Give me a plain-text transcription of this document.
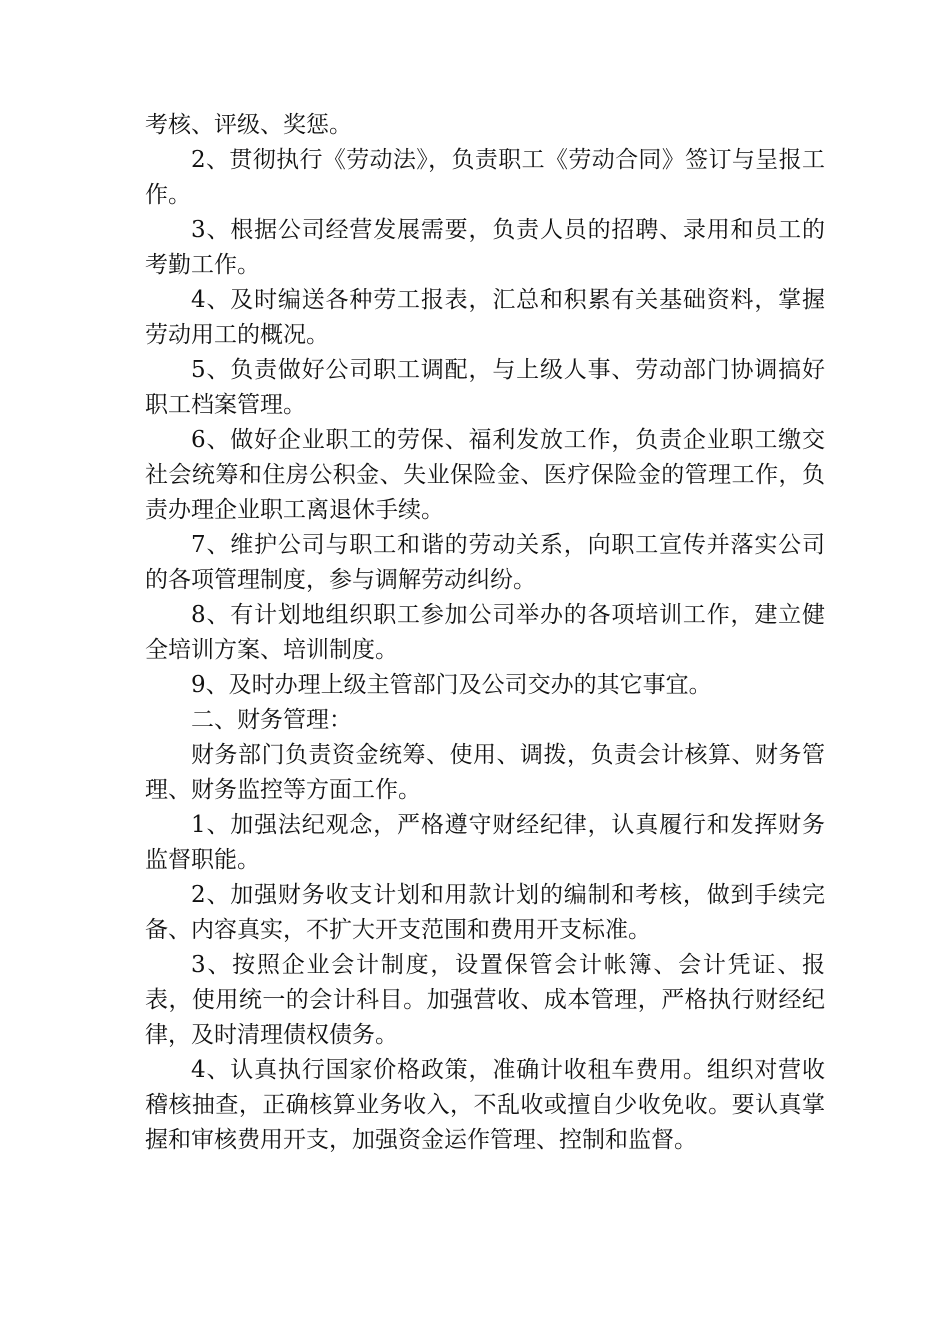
考核、评级、奖惩。

2、贯彻执行《劳动法》，负责职工《劳动合同》签订与呈报工作。

3、根据公司经营发展需要，负责人员的招聘、录用和员工的考勤工作。

4、及时编送各种劳工报表，汇总和积累有关基础资料，掌握劳动用工的概况。

5、负责做好公司职工调配，与上级人事、劳动部门协调搞好职工档案管理。

6、做好企业职工的劳保、福利发放工作，负责企业职工缴交社会统筹和住房公积金、失业保险金、医疗保险金的管理工作，负责办理企业职工离退休手续。

7、维护公司与职工和谐的劳动关系，向职工宣传并落实公司的各项管理制度，参与调解劳动纠纷。

8、有计划地组织职工参加公司举办的各项培训工作，建立健全培训方案、培训制度。

9、及时办理上级主管部门及公司交办的其它事宜。

二、财务管理：

财务部门负责资金统筹、使用、调拨，负责会计核算、财务管理、财务监控等方面工作。

1、加强法纪观念，严格遵守财经纪律，认真履行和发挥财务监督职能。

2、加强财务收支计划和用款计划的编制和考核，做到手续完备、内容真实，不扩大开支范围和费用开支标准。

3、按照企业会计制度，设置保管会计帐簿、会计凭证、报表，使用统一的会计科目。加强营收、成本管理，严格执行财经纪律，及时清理债权债务。

4、认真执行国家价格政策，准确计收租车费用。组织对营收稽核抽查，正确核算业务收入，不乱收或擅自少收免收。要认真掌握和审核费用开支，加强资金运作管理、控制和监督。
